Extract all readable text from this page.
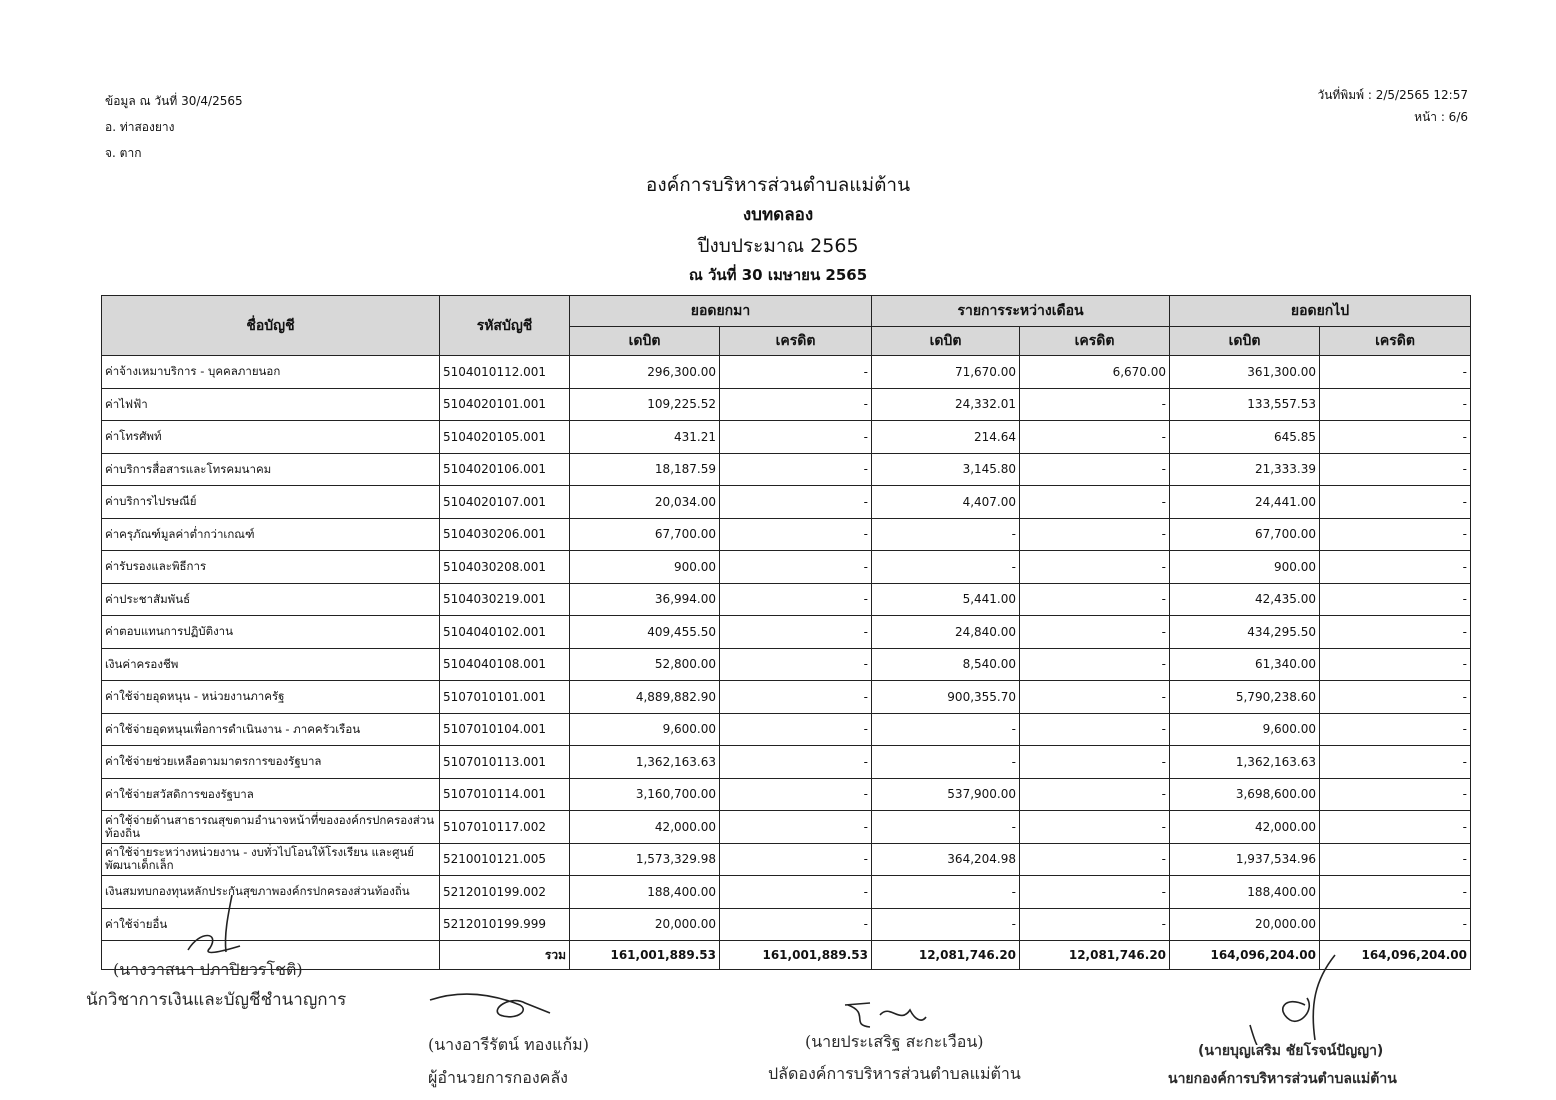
ข้อมูล ณ วันที่ 30/4/2565
อ. ท่าสองยาง
จ. ตาก
วันที่พิมพ์ : 2/5/2565 12:57
หน้า : 6/6
องค์การบริหารส่วนตำบลแม่ต้าน
งบทดลอง
ปีงบประมาณ 2565
ณ วันที่ 30 เมษายน 2565
ชื่อบัญชี	รหัสบัญชี	ยอดยกมา		รายการระหว่างเดือน		ยอดยกไป	
		เดบิต	เครดิต	เดบิต	เครดิต	เดบิต	เครดิต
ค่าจ้างเหมาบริการ - บุคคลภายนอก	5104010112.001	296,300.00	-	71,670.00	6,670.00	361,300.00	-
ค่าไฟฟ้า	5104020101.001	109,225.52	-	24,332.01	-	133,557.53	-
ค่าโทรศัพท์	5104020105.001	431.21	-	214.64	-	645.85	-
ค่าบริการสื่อสารและโทรคมนาคม	5104020106.001	18,187.59	-	3,145.80	-	21,333.39	-
ค่าบริการไปรษณีย์	5104020107.001	20,034.00	-	4,407.00	-	24,441.00	-
ค่าครุภัณฑ์มูลค่าต่ำกว่าเกณฑ์	5104030206.001	67,700.00	-	-	-	67,700.00	-
ค่ารับรองและพิธีการ	5104030208.001	900.00	-	-	-	900.00	-
ค่าประชาสัมพันธ์	5104030219.001	36,994.00	-	5,441.00	-	42,435.00	-
ค่าตอบแทนการปฏิบัติงาน	5104040102.001	409,455.50	-	24,840.00	-	434,295.50	-
เงินค่าครองชีพ	5104040108.001	52,800.00	-	8,540.00	-	61,340.00	-
ค่าใช้จ่ายอุดหนุน - หน่วยงานภาครัฐ	5107010101.001	4,889,882.90	-	900,355.70	-	5,790,238.60	-
ค่าใช้จ่ายอุดหนุนเพื่อการดำเนินงาน - ภาคครัวเรือน	5107010104.001	9,600.00	-	-	-	9,600.00	-
ค่าใช้จ่ายช่วยเหลือตามมาตรการของรัฐบาล	5107010113.001	1,362,163.63	-	-	-	1,362,163.63	-
ค่าใช้จ่ายสวัสดิการของรัฐบาล	5107010114.001	3,160,700.00	-	537,900.00	-	3,698,600.00	-
ค่าใช้จ่ายด้านสาธารณสุขตามอำนาจหน้าที่ขององค์กรปกครองส่วนท้องถิ่น	5107010117.002	42,000.00	-	-	-	42,000.00	-
ค่าใช้จ่ายระหว่างหน่วยงาน - งบทั่วไปโอนให้โรงเรียน และศูนย์พัฒนาเด็กเล็ก	5210010121.005	1,573,329.98	-	364,204.98	-	1,937,534.96	-
เงินสมทบกองทุนหลักประกันสุขภาพองค์กรปกครองส่วนท้องถิ่น	5212010199.002	188,400.00	-	-	-	188,400.00	-
ค่าใช้จ่ายอื่น	5212010199.999	20,000.00	-	-	-	20,000.00	-
	รวม	161,001,889.53	161,001,889.53	12,081,746.20	12,081,746.20	164,096,204.00	164,096,204.00
(นางวาสนา ปภาปิยวรโชติ)
นักวิชาการเงินและบัญชีชำนาญการ
(นางอารีรัตน์ ทองแก้ม)
ผู้อำนวยการกองคลัง
(นายประเสริฐ สะกะเวือน)
ปลัดองค์การบริหารส่วนตำบลแม่ต้าน
(นายบุญเสริม ชัยโรจน์ปัญญา)
นายกองค์การบริหารส่วนตำบลแม่ต้าน
